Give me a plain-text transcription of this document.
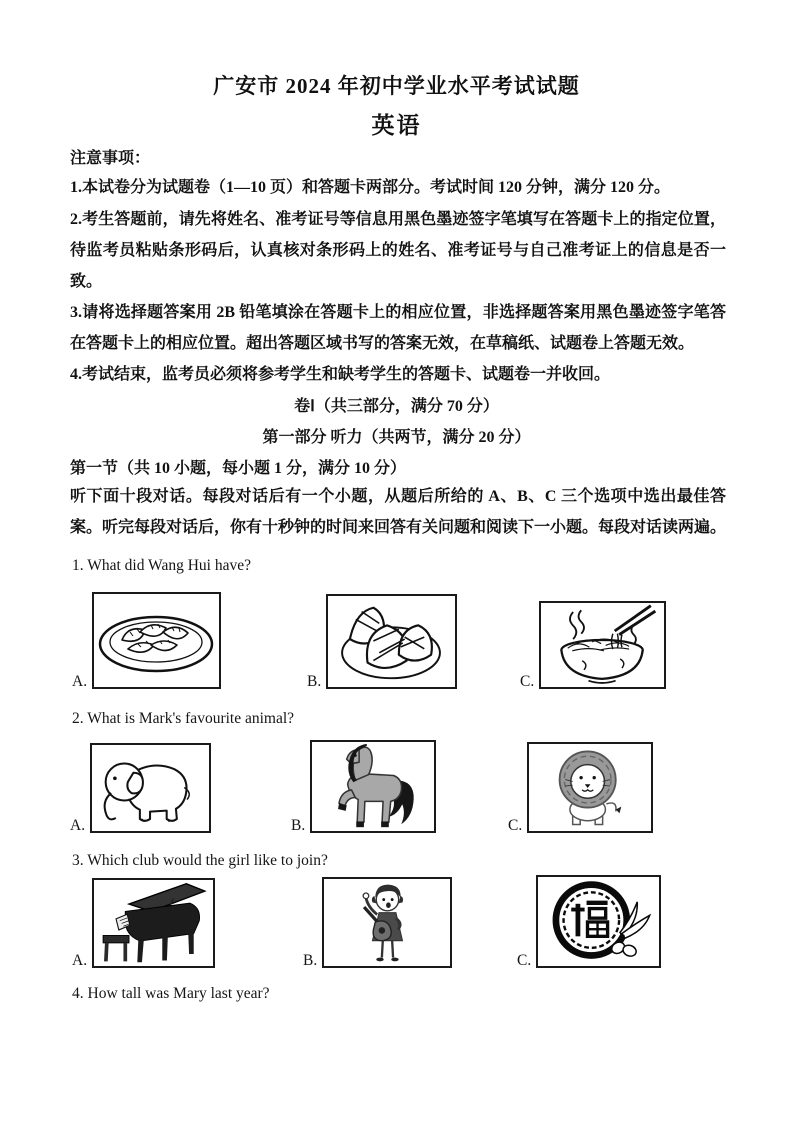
广安市 2024 年初中学业水平考试试题
英语
注意事项：
1.本试卷分为试题卷（1—10 页）和答题卡两部分。考试时间 120 分钟，满分 120 分。
2.考生答题前，请先将姓名、准考证号等信息用黑色墨迹签字笔填写在答题卡上的指定位置，待监考员粘贴条形码后，认真核对条形码上的姓名、准考证号与自己准考证上的信息是否一致。
3.请将选择题答案用 2B 铅笔填涂在答题卡上的相应位置，非选择题答案用黑色墨迹签字笔答在答题卡上的相应位置。超出答题区域书写的答案无效，在草稿纸、试题卷上答题无效。
4.考试结束，监考员必须将参考学生和缺考学生的答题卡、试题卷一并收回。
卷Ⅰ（共三部分，满分 70 分）
第一部分 听力（共两节，满分 20 分）
第一节（共 10 小题，每小题 1 分，满分 10 分）
听下面十段对话。每段对话后有一个小题，从题后所给的 A、B、C 三个选项中选出最佳答案。听完每段对话后，你有十秒钟的时间来回答有关问题和阅读下一小题。每段对话读两遍。
1. What did Wang Hui have?
A.	B.	C.
2. What is Mark's favourite animal?
A.	B.	C.
3. Which club would the girl like to join?
A.	B.	C.
4. How tall was Mary last year?
